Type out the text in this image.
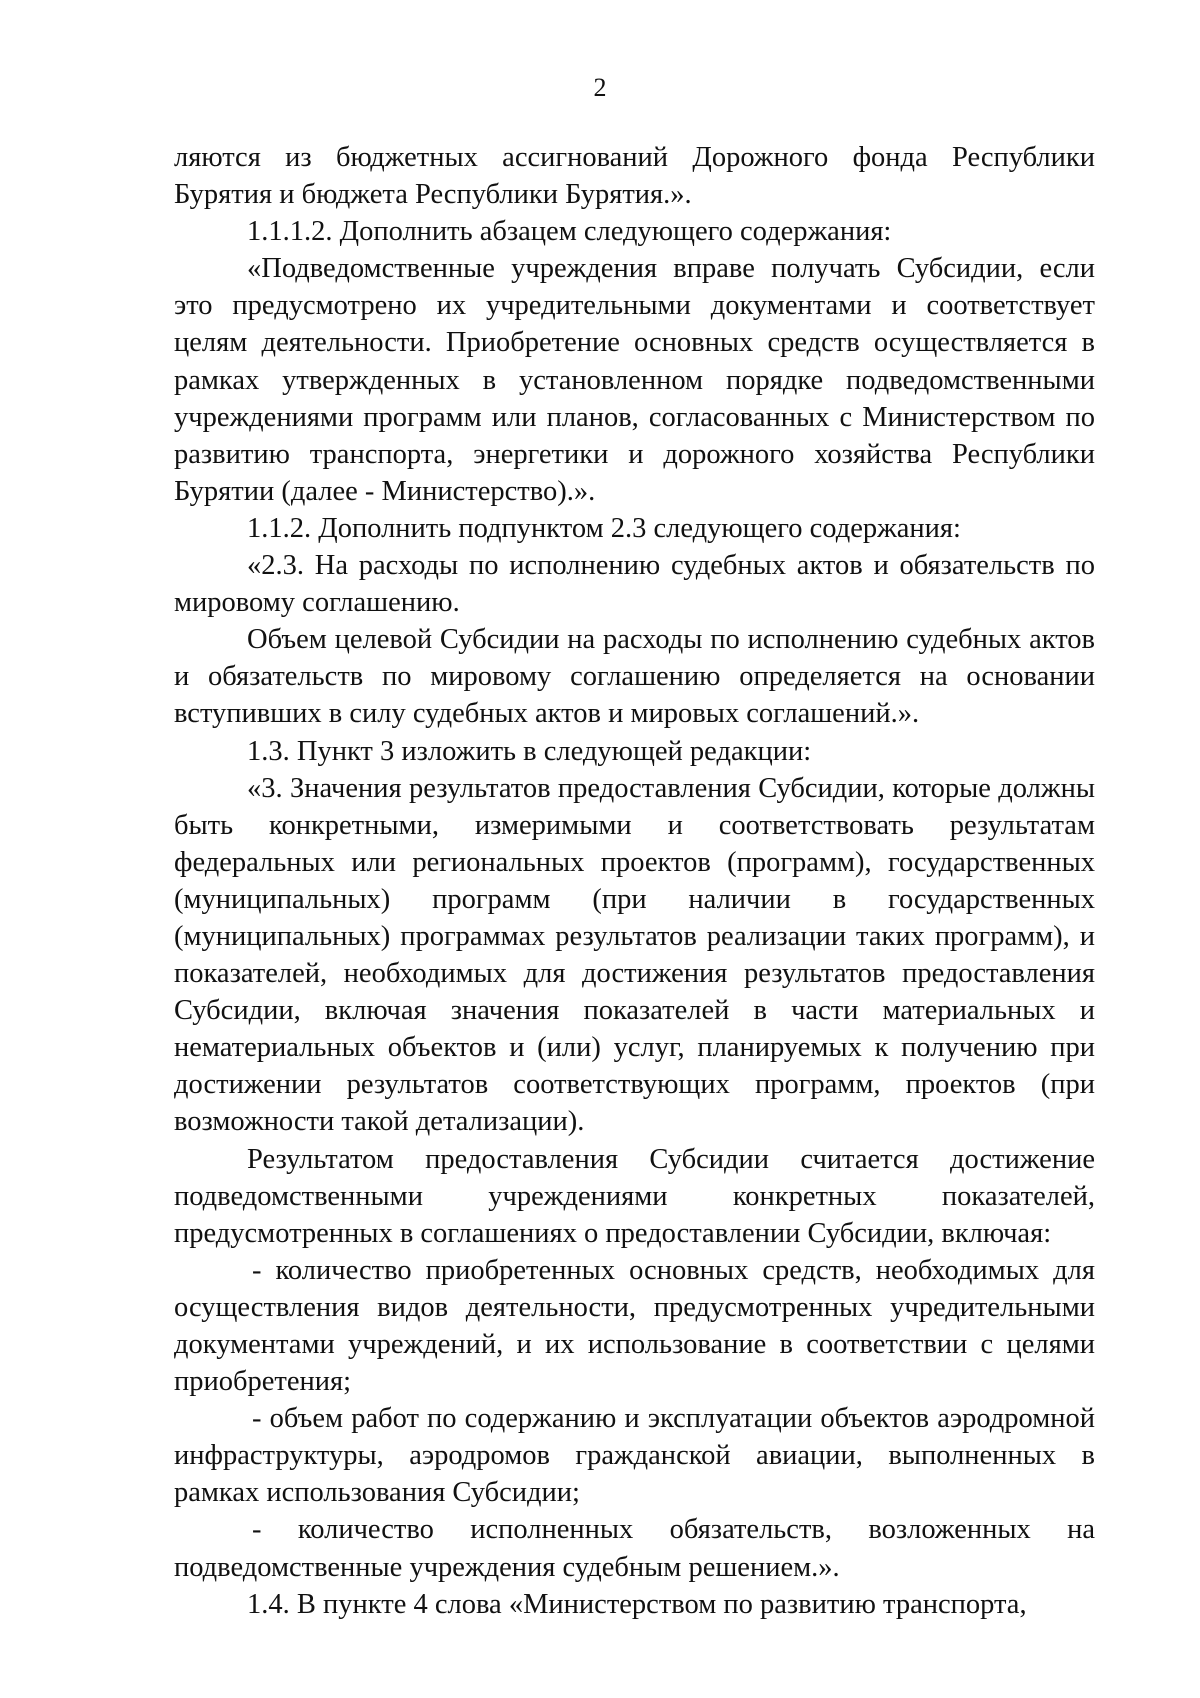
2

ляются из бюджетных ассигнований Дорожного фонда Республики Бурятия и бюджета Республики Бурятия.».

1.1.1.2. Дополнить абзацем следующего содержания:

«Подведомственные учреждения вправе получать Субсидии, если это предусмотрено их учредительными документами и соответствует целям деятельности. Приобретение основных средств осуществляется в рамках утвержденных в установленном порядке подведомственными учреждениями программ или планов, согласованных с Министерством по развитию транспорта, энергетики и дорожного хозяйства Республики Бурятии (далее - Министерство).».

1.1.2. Дополнить подпунктом 2.3 следующего содержания:

«2.3. На расходы по исполнению судебных актов и обязательств по мировому соглашению.

Объем целевой Субсидии на расходы по исполнению судебных актов и обязательств по мировому соглашению определяется на основании вступивших в силу судебных актов и мировых соглашений.».

1.3. Пункт 3 изложить в следующей редакции:

«3. Значения результатов предоставления Субсидии, которые должны быть конкретными, измеримыми и соответствовать результатам федеральных или региональных проектов (программ), государственных (муниципальных) программ (при наличии в государственных (муниципальных) программах результатов реализации таких программ), и показателей, необходимых для достижения результатов предоставления Субсидии, включая значения показателей в части материальных и нематериальных объектов и (или) услуг, планируемых к получению при достижении результатов соответствующих программ, проектов (при возможности такой детализации).

Результатом предоставления Субсидии считается достижение подведомственными учреждениями конкретных показателей, предусмотренных в соглашениях о предоставлении Субсидии, включая:

- количество приобретенных основных средств, необходимых для осуществления видов деятельности, предусмотренных учредительными документами учреждений, и их использование в соответствии с целями приобретения;

- объем работ по содержанию и эксплуатации объектов аэродромной инфраструктуры, аэродромов гражданской авиации, выполненных в рамках использования Субсидии;

- количество исполненных обязательств, возложенных на подведомственные учреждения судебным решением.».

1.4. В пункте 4 слова «Министерством по развитию транспорта,
